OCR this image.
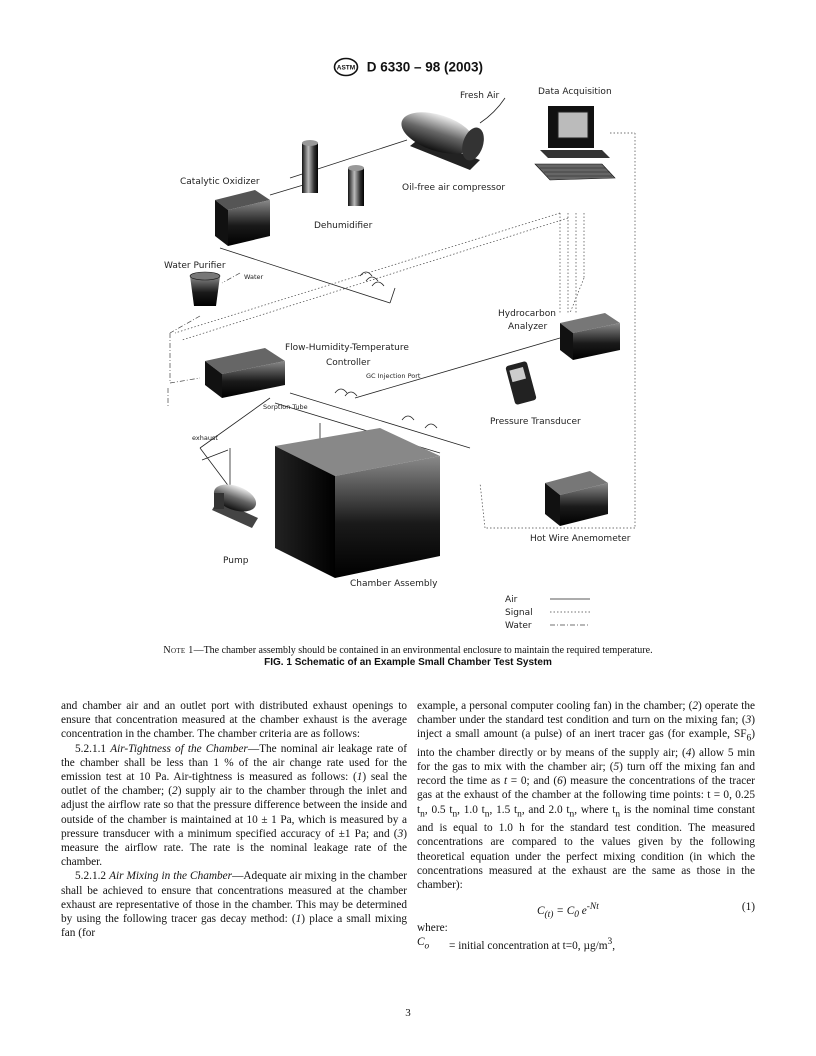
ASTM D 6330 – 98 (2003)
Fresh Air	Data Acquisition
Catalytic Oxidizer
Oil-free air compressor
Dehumidifier
Water Purifier
Water
Hydrocarbon
Analyzer
Flow-Humidity-Temperature
Controller
GC Injection Port
Sorption Tube
exhaust
Pressure Transducer
Hot Wire Anemometer
Pump
Chamber Assembly
Air
Signal
Water
Note 1—The chamber assembly should be contained in an environmental enclosure to maintain the required temperature.
FIG. 1 Schematic of an Example Small Chamber Test System

and chamber air and an outlet port with distributed exhaust openings to ensure that concentration measured at the chamber exhaust is the average concentration in the chamber. The chamber criteria are as follows:

5.2.1.1 Air-Tightness of the Chamber—The nominal air leakage rate of the chamber shall be less than 1 % of the air change rate used for the emission test at 10 Pa. Air-tightness is measured as follows: (1) seal the outlet of the chamber; (2) supply air to the chamber through the inlet and adjust the airflow rate so that the pressure difference between the inside and outside of the chamber is maintained at 10 ± 1 Pa, which is measured by a pressure transducer with a minimum specified accuracy of ±1 Pa; and (3) measure the airflow rate. The rate is the nominal leakage rate of the chamber.

5.2.1.2 Air Mixing in the Chamber—Adequate air mixing in the chamber shall be achieved to ensure that concentrations measured at the chamber exhaust are representative of those in the chamber. This may be determined by using the following tracer gas decay method: (1) place a small mixing fan (for

example, a personal computer cooling fan) in the chamber; (2) operate the chamber under the standard test condition and turn on the mixing fan; (3) inject a small amount (a pulse) of an inert tracer gas (for example, $SF_6$) into the chamber directly or by means of the supply air; (4) allow 5 min for the gas to mix with the chamber air; (5) turn off the mixing fan and record the time as t = 0; and (6) measure the concentrations of the tracer gas at the exhaust of the chamber at the following time points: t = 0, 0.25 $t_n$, 0.5 $t_n$, 1.0 $t_n$, 1.5 $t_n$, and 2.0 $t_n$, where $t_n$ is the nominal time constant and is equal to 1.0 h for the standard test condition. The measured concentrations are compared to the values given by the following theoretical equation under the perfect mixing condition (in which the concentrations measured at the exhaust are the same as those in the chamber):

$C_{(t)} = C_0$ $e^{-Nt}$	(1)

where:

$C_o$	= initial concentration at t=0, $\mu g/m^3$,
3
